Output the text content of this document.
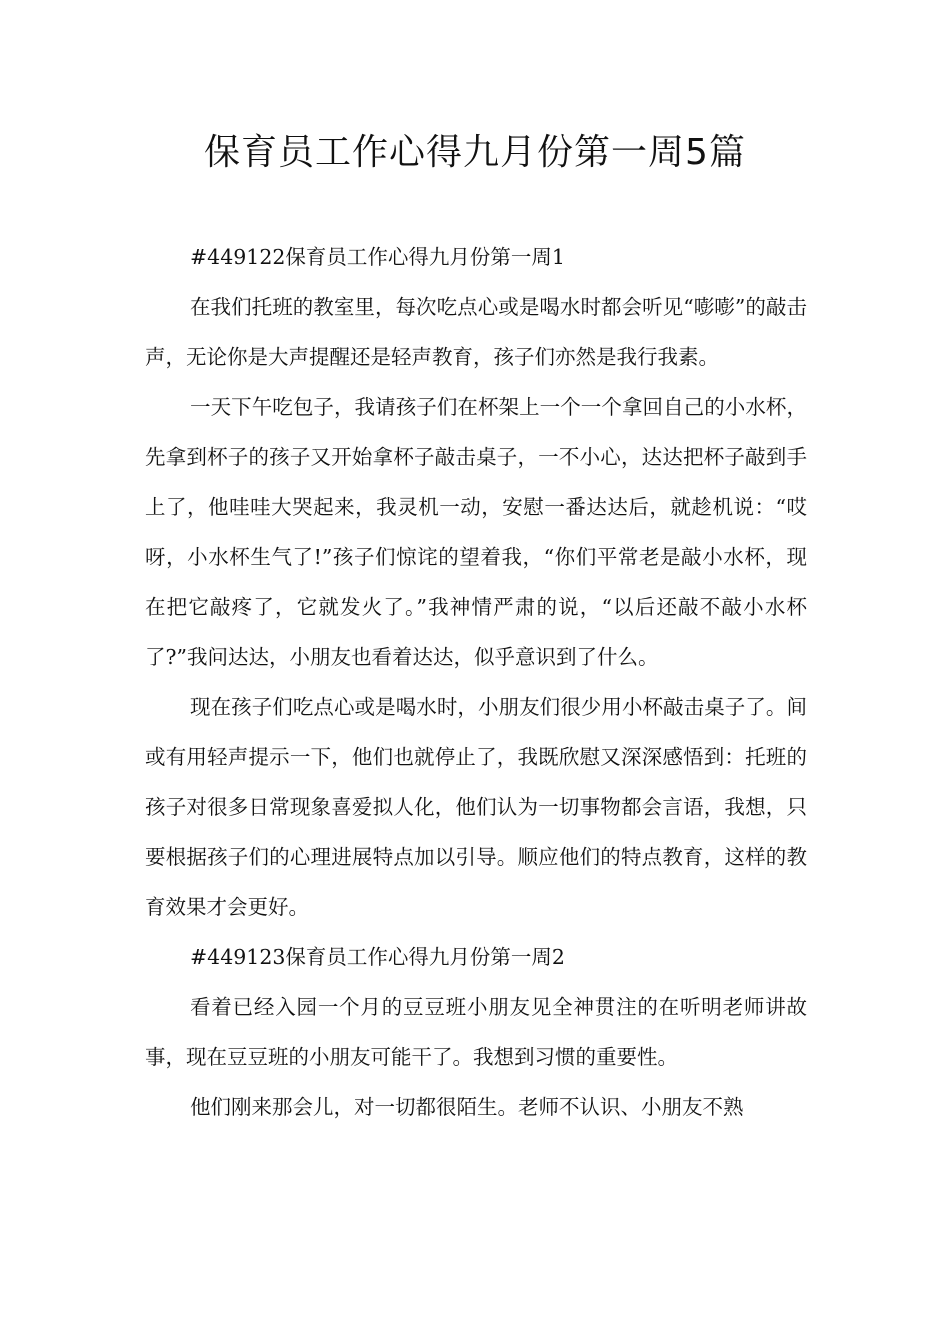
保育员工作心得九月份第一周5篇

#449122保育员工作心得九月份第一周1

在我们托班的教室里，每次吃点心或是喝水时都会听见“嘭嘭”的敲击声，无论你是大声提醒还是轻声教育，孩子们亦然是我行我素。

一天下午吃包子，我请孩子们在杯架上一个一个拿回自己的小水杯，先拿到杯子的孩子又开始拿杯子敲击桌子，一不小心，达达把杯子敲到手上了，他哇哇大哭起来，我灵机一动，安慰一番达达后，就趁机说：“哎呀，小水杯生气了!”孩子们惊诧的望着我，“你们平常老是敲小水杯，现在把它敲疼了，它就发火了。”我神情严肃的说，“以后还敲不敲小水杯了?”我问达达，小朋友也看着达达，似乎意识到了什么。

现在孩子们吃点心或是喝水时，小朋友们很少用小杯敲击桌子了。间或有用轻声提示一下，他们也就停止了，我既欣慰又深深感悟到：托班的孩子对很多日常现象喜爱拟人化，他们认为一切事物都会言语，我想，只要根据孩子们的心理进展特点加以引导。顺应他们的特点教育，这样的教育效果才会更好。

#449123保育员工作心得九月份第一周2

看着已经入园一个月的豆豆班小朋友见全神贯注的在听明老师讲故事，现在豆豆班的小朋友可能干了。我想到习惯的重要性。

他们刚来那会儿，对一切都很陌生。老师不认识、小朋友不熟
